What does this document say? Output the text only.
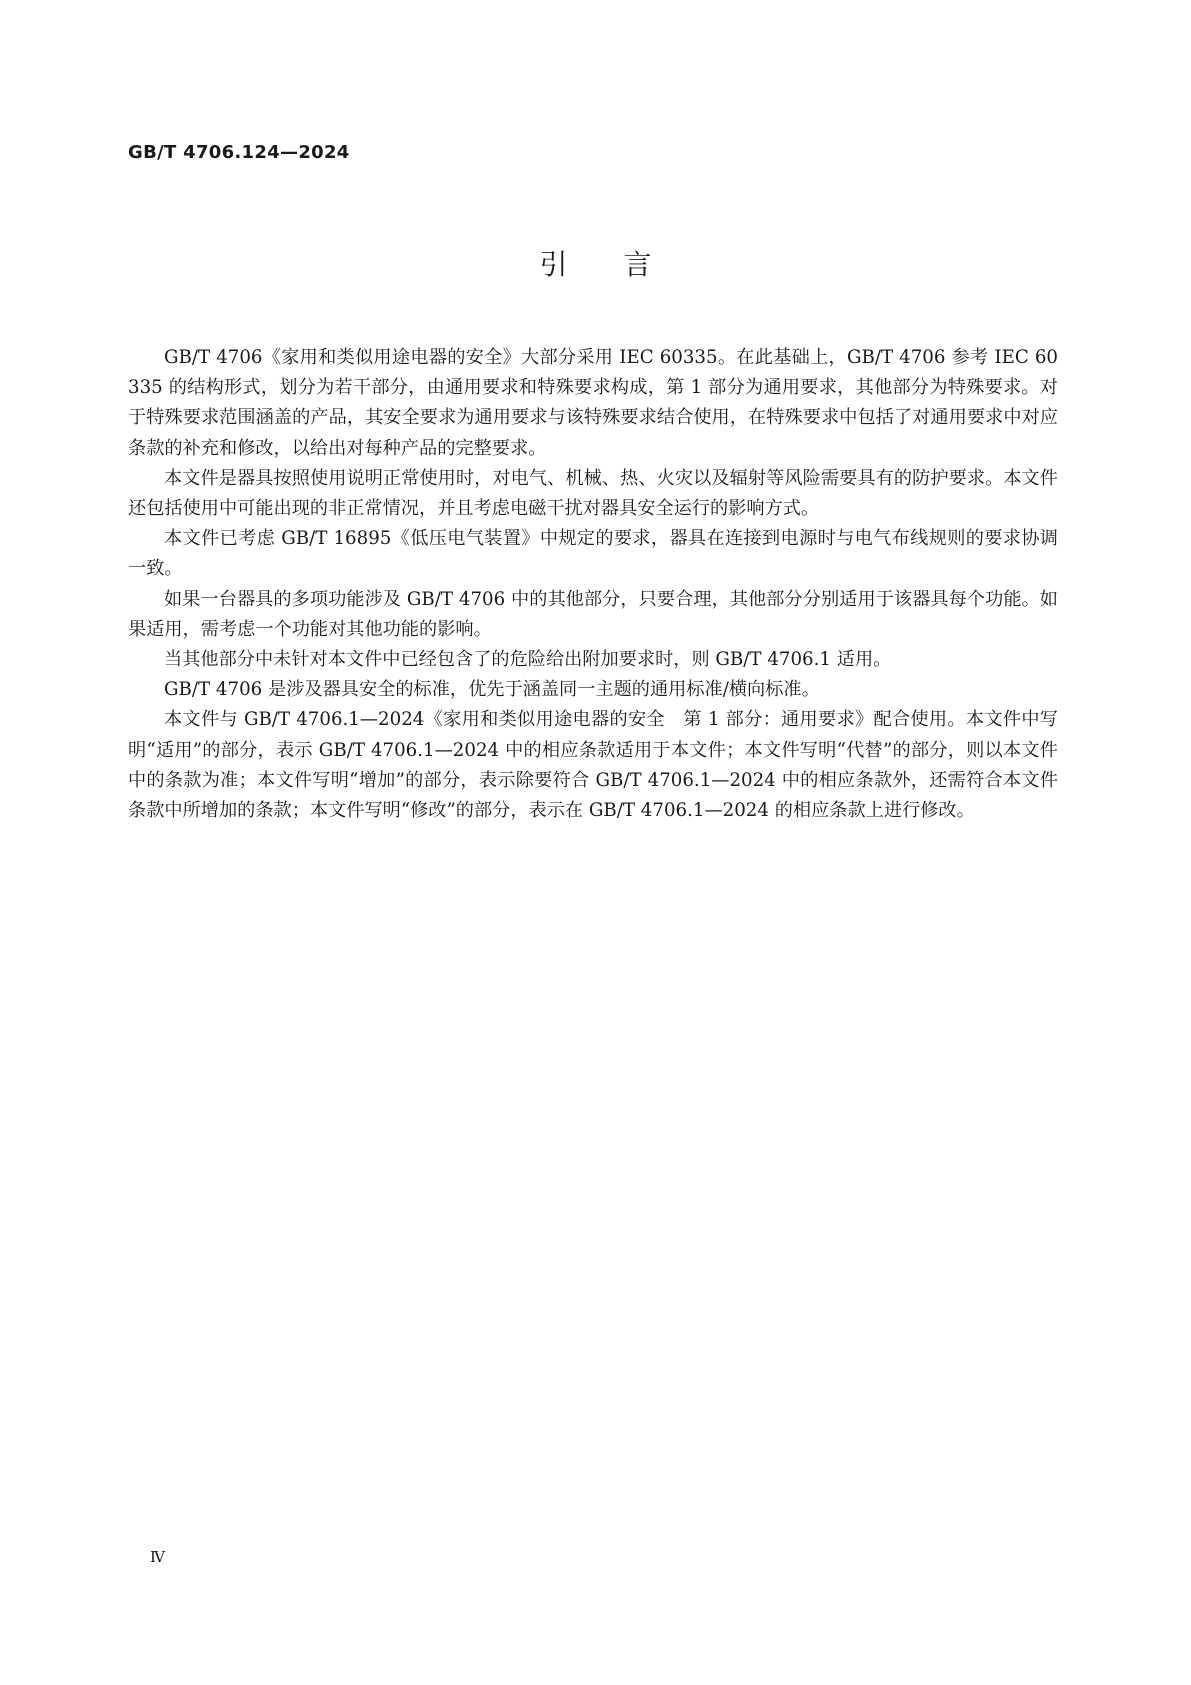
GB/T 4706.124—2024
引言

GB/T 4706《家用和类似用途电器的安全》大部分采用 IEC 60335。在此基础上，GB/T 4706 参考 IEC 60335 的结构形式，划分为若干部分，由通用要求和特殊要求构成，第 1 部分为通用要求，其他部分为特殊要求。对于特殊要求范围涵盖的产品，其安全要求为通用要求与该特殊要求结合使用，在特殊要求中包括了对通用要求中对应条款的补充和修改，以给出对每种产品的完整要求。

本文件是器具按照使用说明正常使用时，对电气、机械、热、火灾以及辐射等风险需要具有的防护要求。本文件还包括使用中可能出现的非正常情况，并且考虑电磁干扰对器具安全运行的影响方式。

本文件已考虑 GB/T 16895《低压电气装置》中规定的要求，器具在连接到电源时与电气布线规则的要求协调一致。

如果一台器具的多项功能涉及 GB/T 4706 中的其他部分，只要合理，其他部分分别适用于该器具每个功能。如果适用，需考虑一个功能对其他功能的影响。

当其他部分中未针对本文件中已经包含了的危险给出附加要求时，则 GB/T 4706.1 适用。

GB/T 4706 是涉及器具安全的标准，优先于涵盖同一主题的通用标准/横向标准。

本文件与 GB/T 4706.1—2024《家用和类似用途电器的安全　第 1 部分：通用要求》配合使用。本文件中写明“适用”的部分，表示 GB/T 4706.1—2024 中的相应条款适用于本文件；本文件写明“代替”的部分，则以本文件中的条款为准；本文件写明“增加”的部分，表示除要符合 GB/T 4706.1—2024 中的相应条款外，还需符合本文件条款中所增加的条款；本文件写明“修改”的部分，表示在 GB/T 4706.1—2024 的相应条款上进行修改。

Ⅳ
